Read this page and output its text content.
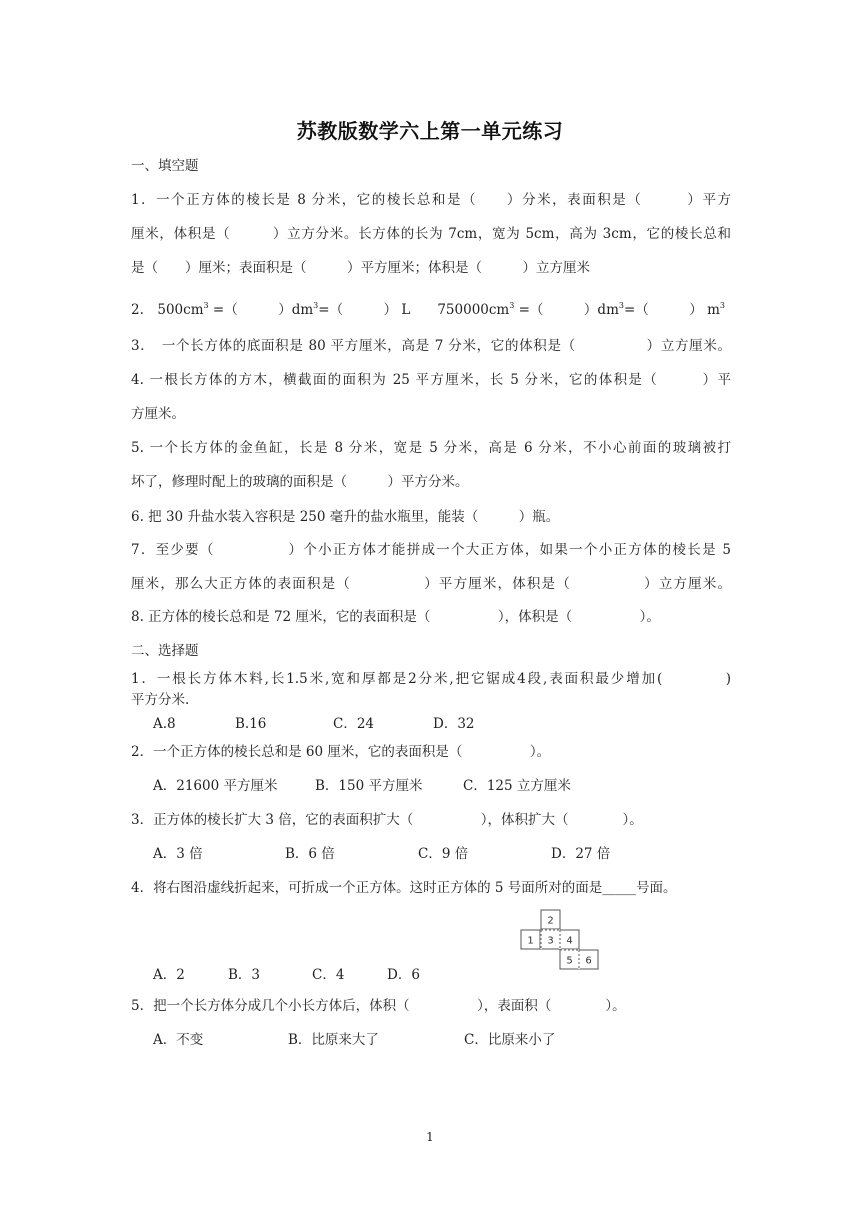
苏教版数学六上第一单元练习
一、填空题
1．一个正方体的棱长是 8 分米，它的棱长总和是（　　）分米，表面积是（　　　）平方
厘米，体积是（　　　）立方分米。长方体的长为 7cm，宽为 5cm，高为 3cm，它的棱长总和
是（　　）厘米；表面积是（　　　）平方厘米；体积是（　　　）立方厘米
2.　$500cm^3$ =（　　　）$dm^3=$（　　　） L　　$750000cm^3$ =（　　　）$dm^3=$（　　　） $m^3$
3．　一个长方体的底面积是 80 平方厘米，高是 7 分米，它的体积是（　　　　　）立方厘米。
4. 一根长方体的方木，横截面的面积为 25 平方厘米，长 5 分米，它的体积是（　　　）平
方厘米。
5. 一个长方体的金鱼缸，长是 8 分米，宽是 5 分米，高是 6 分米，不小心前面的玻璃被打
坏了，修理时配上的玻璃的面积是（　　　）平方分米。
6. 把 30 升盐水装入容积是 250 毫升的盐水瓶里，能装（　　　）瓶。
7．至少要（　　　　　）个小正方体才能拼成一个大正方体，如果一个小正方体的棱长是 5
厘米，那么大正方体的表面积是（　　　　　）平方厘米，体积是（　　　　　）立方厘米。
8. 正方体的棱长总和是 72 厘米，它的表面积是（　　　　　），体积是（　　　　　）。
二、选择题
1．一根长方体木料,长1.5米,宽和厚都是2分米,把它锯成4段,表面积最少增加(　　　　)
平方分米.
A.8	B.16	C．24	D．32
2．一个正方体的棱长总和是 60 厘米，它的表面积是（　　　　　）。
A．21600 平方厘米	B．150 平方厘米	C．125 立方厘米
3．正方体的棱长扩大 3 倍，它的表面积扩大（　　　　　），体积扩大（　　　　）。
A．3 倍	B．6 倍	C．9 倍	D．27 倍
4．将右图沿虚线折起来，可折成一个正方体。这时正方体的 5 号面所对的面是_____号面。
1
2
3 4
5 6
A．2	B．3	C．4	D．6
5．把一个长方体分成几个小长方体后，体积（　　　　　），表面积（　　　　）。
A．不变	B．比原来大了	C．比原来小了
1
